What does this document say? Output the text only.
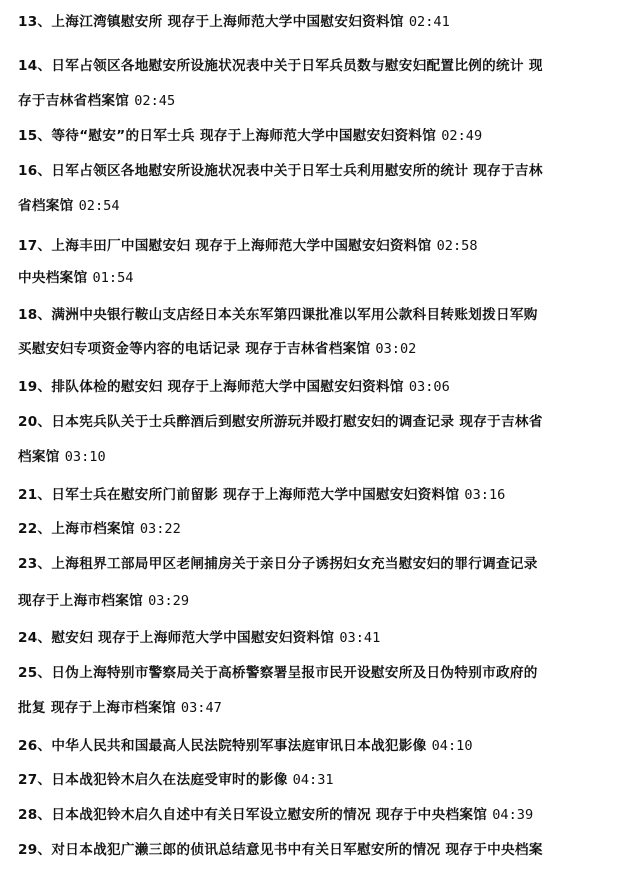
13、上海江湾镇慰安所 现存于上海师范大学中国慰安妇资料馆 02:41
14、日军占领区各地慰安所设施状况表中关于日军兵员数与慰安妇配置比例的统计 现
存于吉林省档案馆 02:45
15、等待“慰安”的日军士兵 现存于上海师范大学中国慰安妇资料馆 02:49
16、日军占领区各地慰安所设施状况表中关于日军士兵利用慰安所的统计 现存于吉林
省档案馆 02:54
17、上海丰田厂中国慰安妇 现存于上海师范大学中国慰安妇资料馆 02:58
中央档案馆 01:54
18、满洲中央银行鞍山支店经日本关东军第四课批准以军用公款科目转账划拨日军购
买慰安妇专项资金等内容的电话记录 现存于吉林省档案馆 03:02
19、排队体检的慰安妇 现存于上海师范大学中国慰安妇资料馆 03:06
20、日本宪兵队关于士兵醉酒后到慰安所游玩并殴打慰安妇的调查记录 现存于吉林省
档案馆 03:10
21、日军士兵在慰安所门前留影 现存于上海师范大学中国慰安妇资料馆 03:16
22、上海市档案馆 03:22
23、上海租界工部局甲区老闸捕房关于亲日分子诱拐妇女充当慰安妇的罪行调查记录
现存于上海市档案馆 03:29
24、慰安妇 现存于上海师范大学中国慰安妇资料馆 03:41
25、日伪上海特别市警察局关于高桥警察署呈报市民开设慰安所及日伪特别市政府的
批复 现存于上海市档案馆 03:47
26、中华人民共和国最高人民法院特别军事法庭审讯日本战犯影像 04:10
27、日本战犯铃木启久在法庭受审时的影像 04:31
28、日本战犯铃木启久自述中有关日军设立慰安所的情况 现存于中央档案馆 04:39
29、对日本战犯广濑三郎的侦讯总结意见书中有关日军慰安所的情况 现存于中央档案
